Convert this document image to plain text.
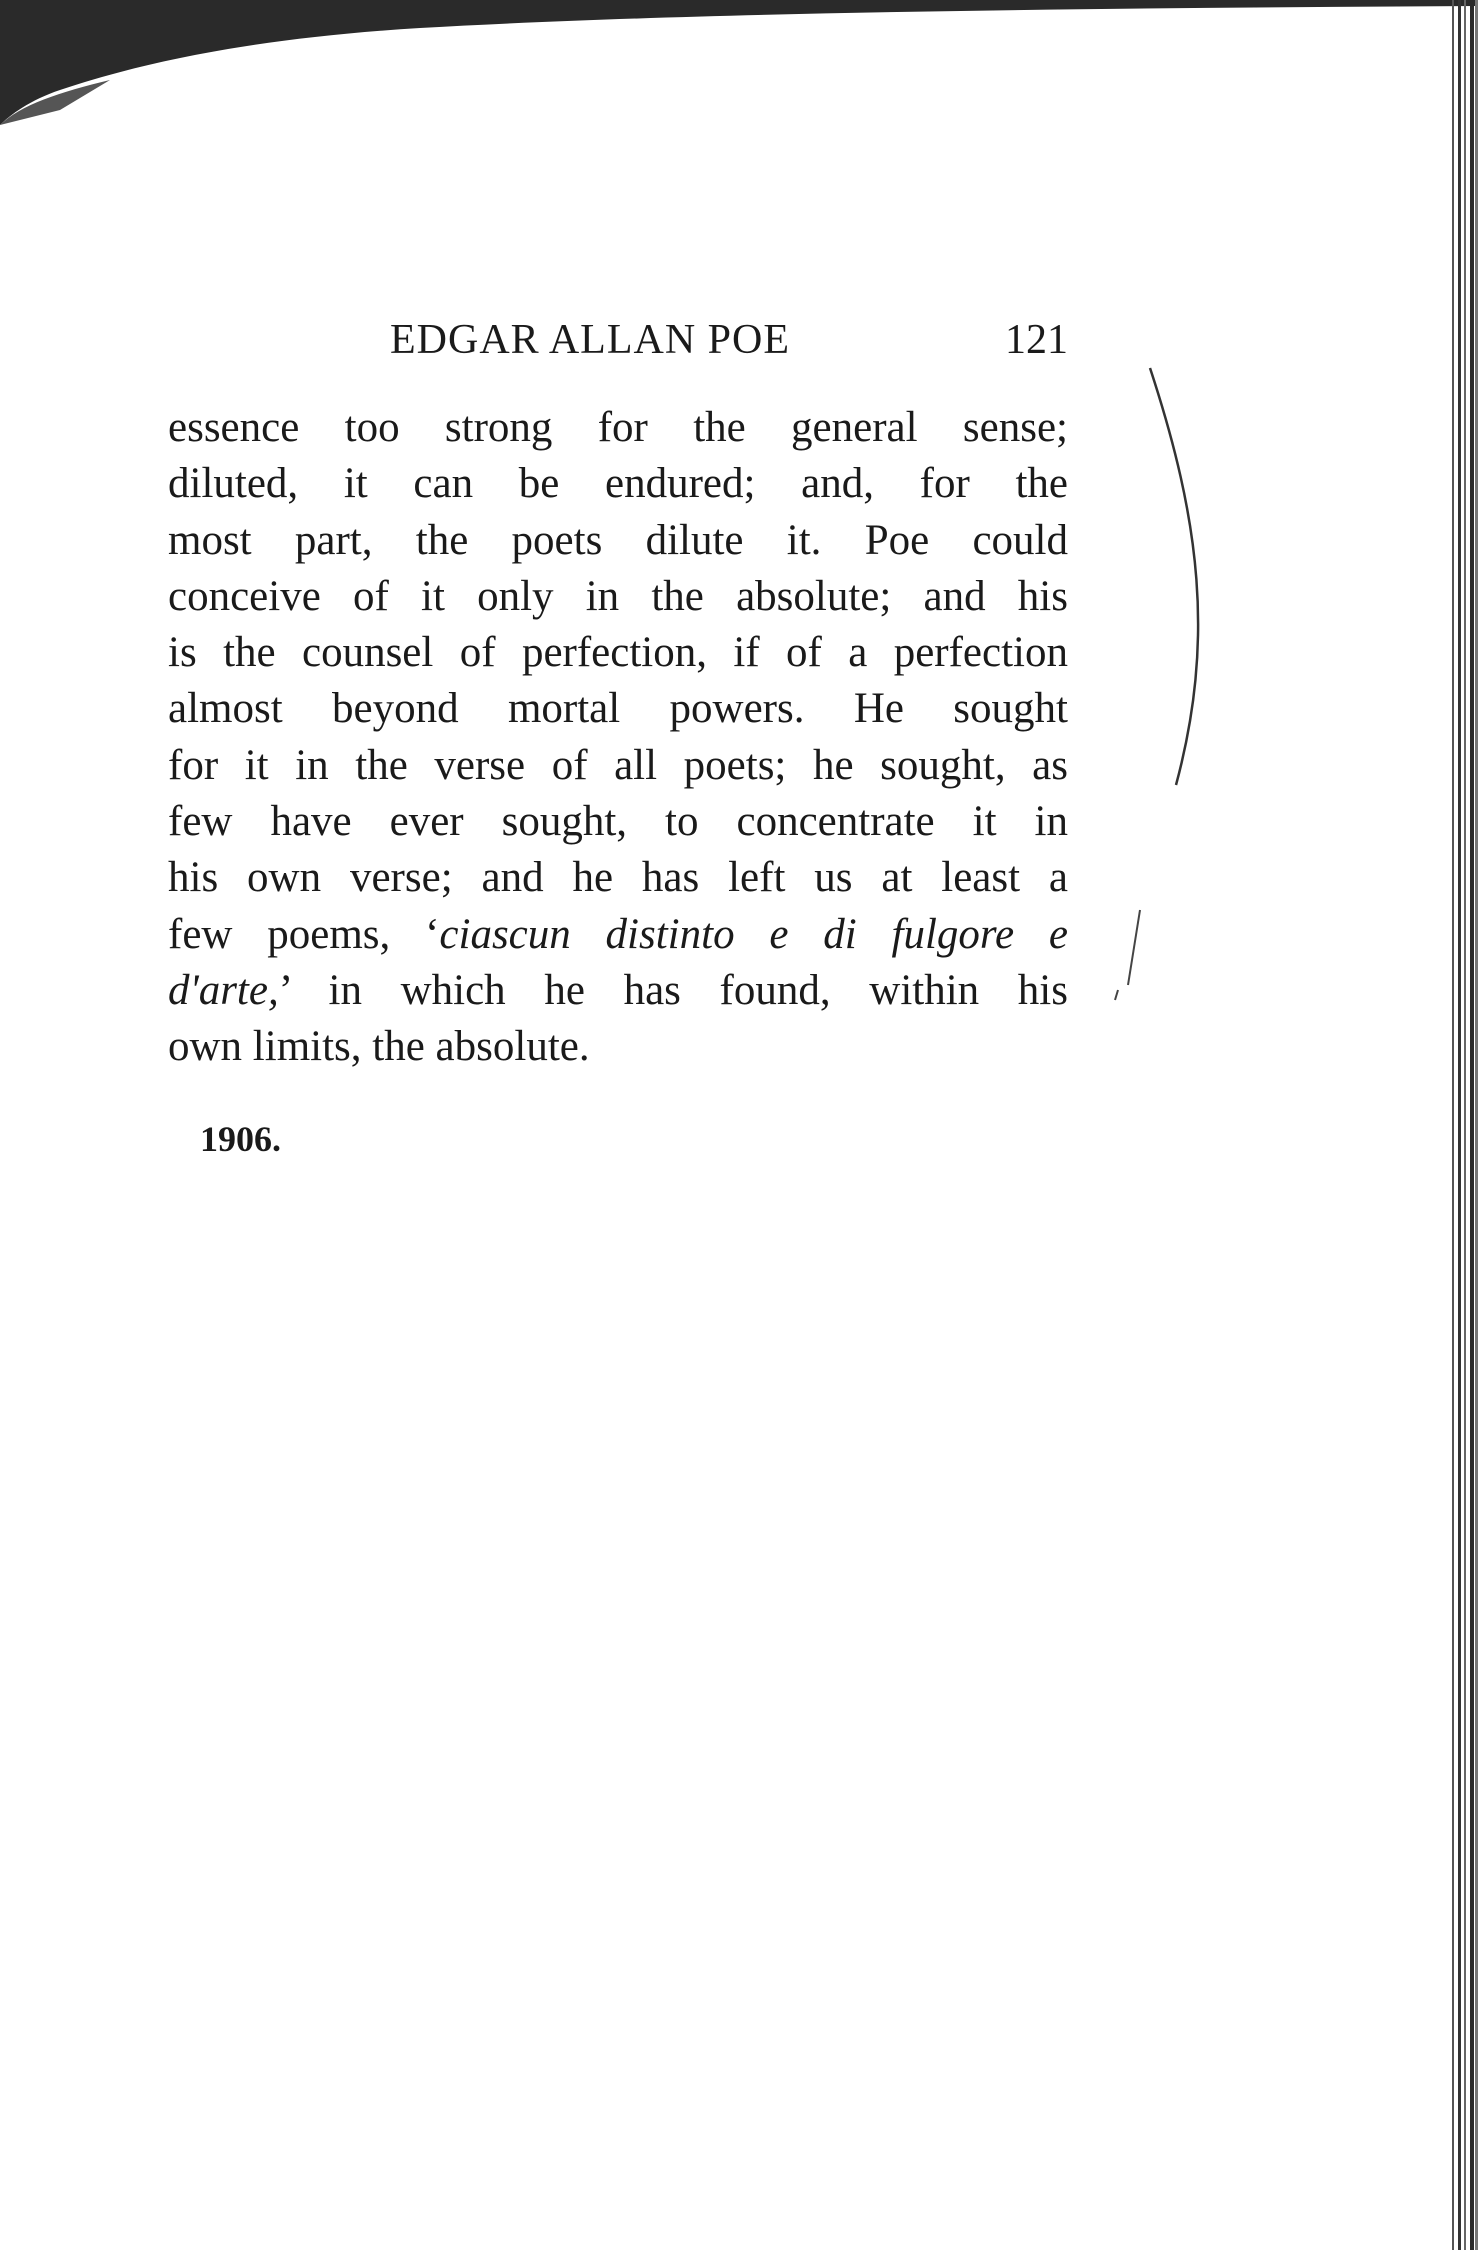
EDGAR ALLAN POE	121
essence too strong for the general sense;
diluted, it can be endured; and, for the
most part, the poets dilute it. Poe could
conceive of it only in the absolute; and his
is the counsel of perfection, if of a perfection
almost beyond mortal powers. He sought
for it in the verse of all poets; he sought, as
few have ever sought, to concentrate it in
his own verse; and he has left us at least a
few poems, ‘ciascun distinto e di fulgore e
d'arte,’ in which he has found, within his
own limits, the absolute.
1906.
